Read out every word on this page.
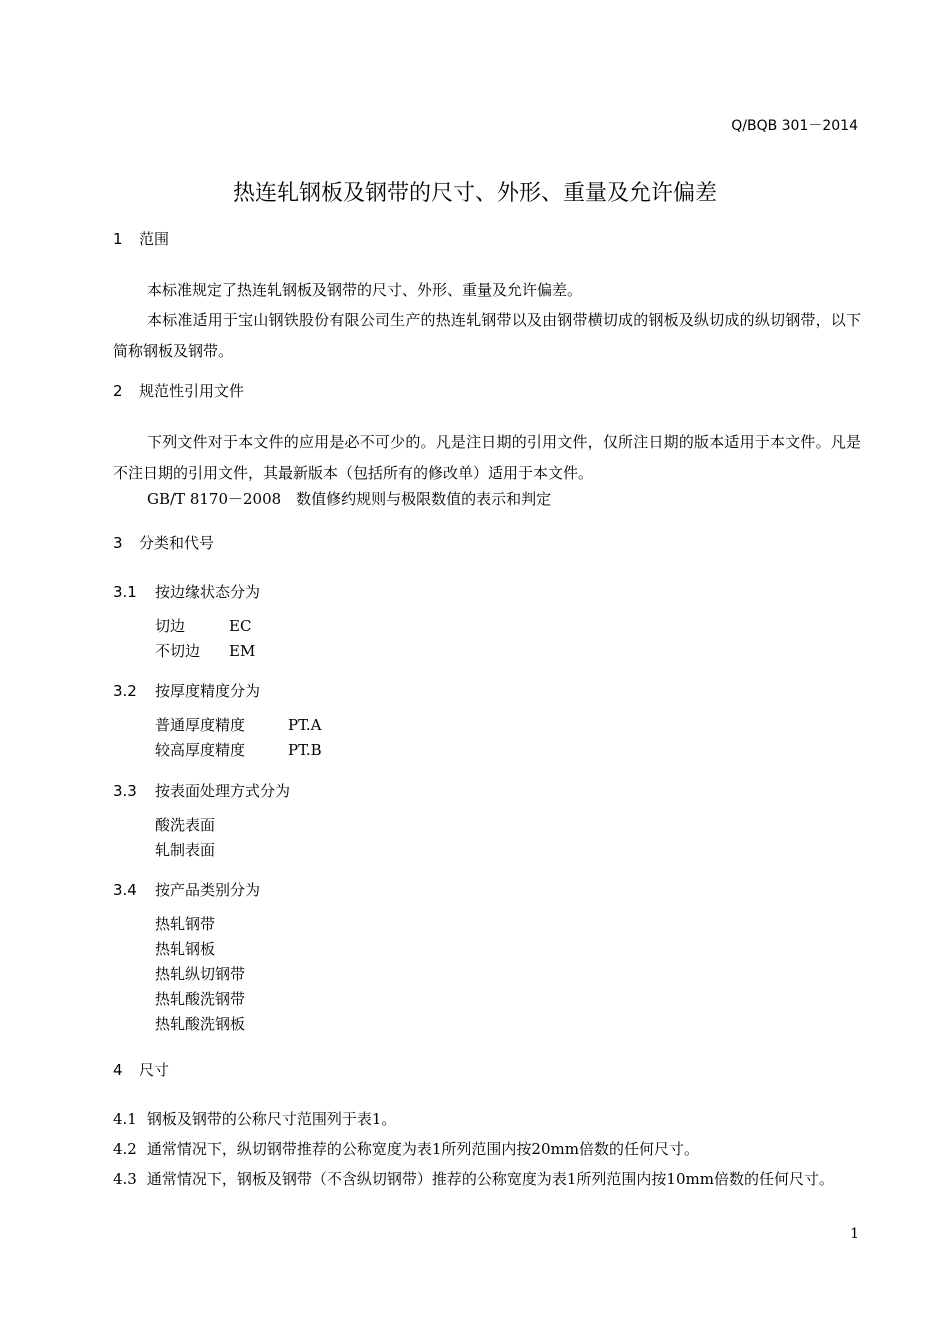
Q/BQB 301－2014
热连轧钢板及钢带的尺寸、外形、重量及允许偏差
1 范围

本标准规定了热连轧钢板及钢带的尺寸、外形、重量及允许偏差。

本标准适用于宝山钢铁股份有限公司生产的热连轧钢带以及由钢带横切成的钢板及纵切成的纵切钢带，以下简称钢板及钢带。

2 规范性引用文件

下列文件对于本文件的应用是必不可少的。凡是注日期的引用文件，仅所注日期的版本适用于本文件。凡是不注日期的引用文件，其最新版本（包括所有的修改单）适用于本文件。

GB/T 8170－2008　数值修约规则与极限数值的表示和判定
3 分类和代号
3.1 按边缘状态分为
切边	EC
不切边	EM
3.2 按厚度精度分为
普通厚度精度	PT.A
较高厚度精度	PT.B
3.3 按表面处理方式分为
酸洗表面
轧制表面
3.4 按产品类别分为
热轧钢带
热轧钢板
热轧纵切钢带
热轧酸洗钢带
热轧酸洗钢板
4 尺寸

4.1 钢板及钢带的公称尺寸范围列于表1。

4.2 通常情况下，纵切钢带推荐的公称宽度为表1所列范围内按20mm倍数的任何尺寸。

4.3 通常情况下，钢板及钢带（不含纵切钢带）推荐的公称宽度为表1所列范围内按10mm倍数的任何尺寸。

1
